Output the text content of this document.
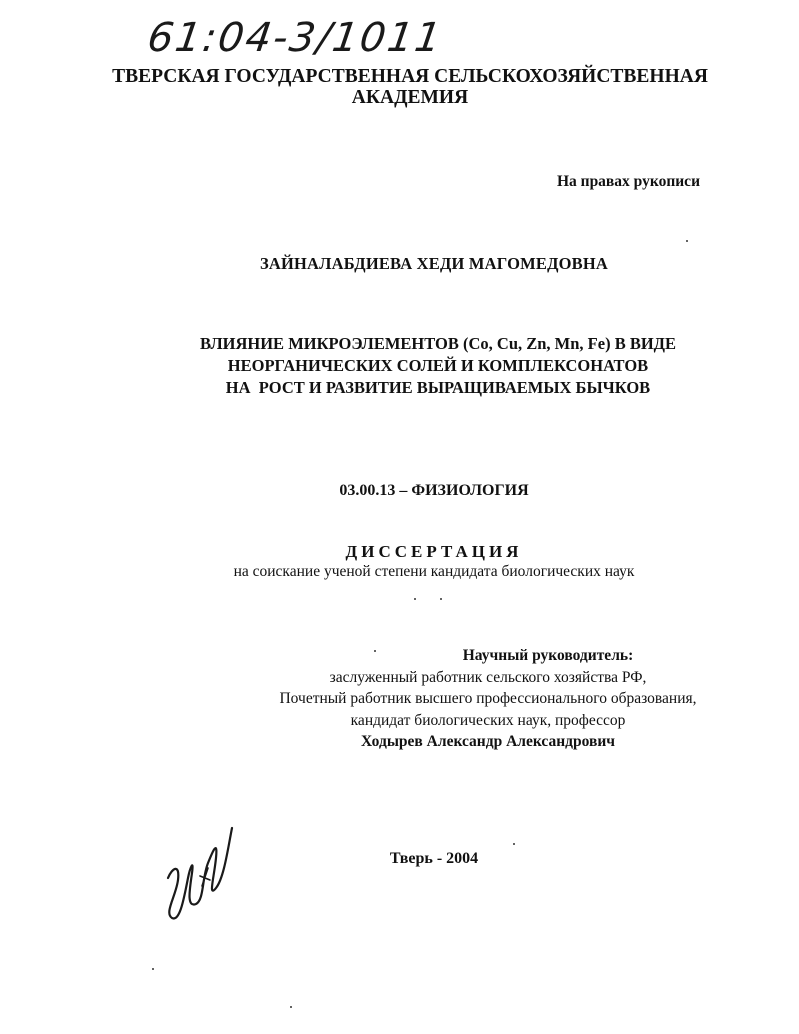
61:04-3/1011
ТВЕРСКАЯ ГОСУДАРСТВЕННАЯ СЕЛЬСКОХОЗЯЙСТВЕННАЯ
АКАДЕМИЯ
На правах рукописи
ЗАЙНАЛАБДИЕВА ХЕДИ МАГОМЕДОВНА
ВЛИЯНИЕ МИКРОЭЛЕМЕНТОВ (Co, Cu, Zn, Mn, Fe) В ВИДЕ
НЕОРГАНИЧЕСКИХ СОЛЕЙ И КОМПЛЕКСОНАТОВ
НА  РОСТ И РАЗВИТИЕ ВЫРАЩИВАЕМЫХ БЫЧКОВ
03.00.13 – ФИЗИОЛОГИЯ
ДИССЕРТАЦИЯ
на соискание ученой степени кандидата биологических наук
Научный руководитель:
заслуженный работник сельского хозяйства РФ,
Почетный работник высшего профессионального образования,
кандидат биологических наук, профессор
Ходырев Александр Александрович
Тверь - 2004
